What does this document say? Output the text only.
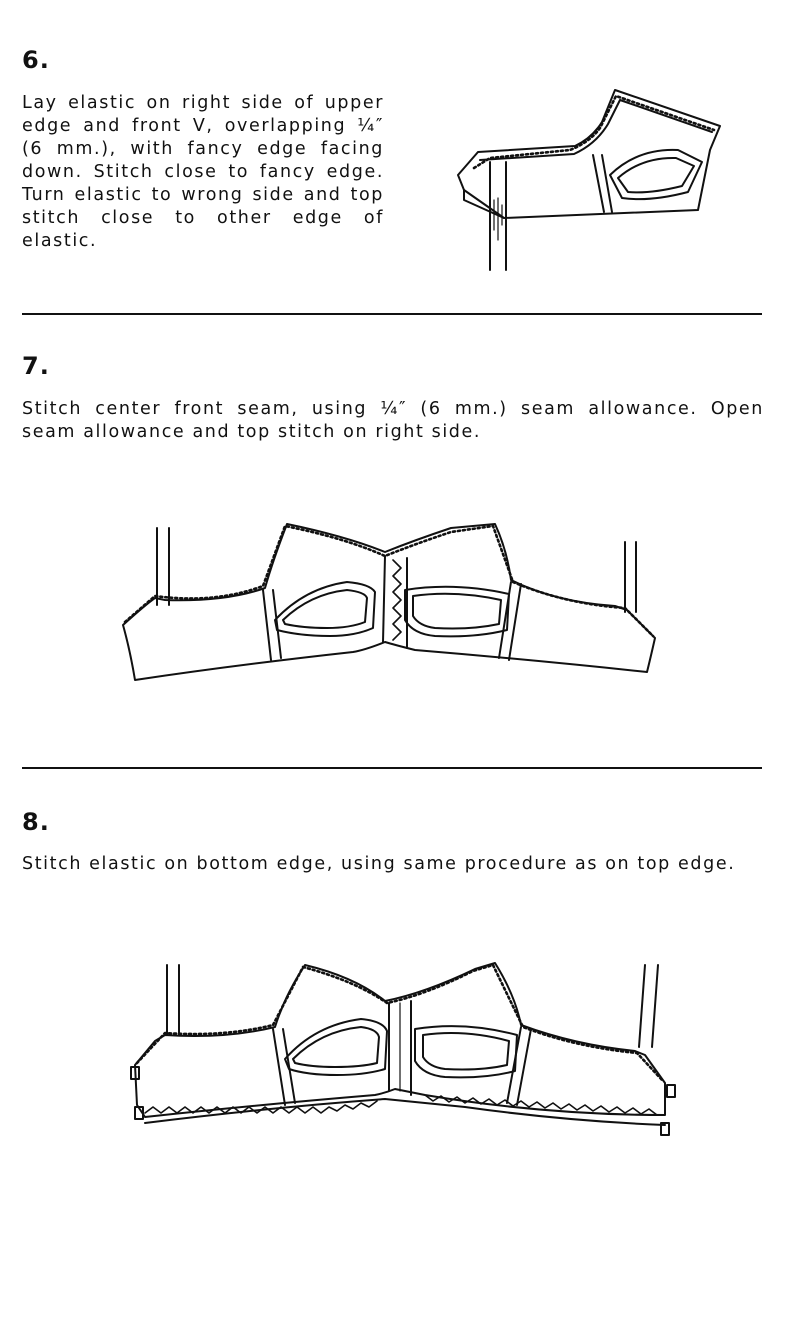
6.

Lay elastic on right side of upper edge and front V, overlapping ¼″ (6 mm.), with fancy edge facing down. Stitch close to fancy edge. Turn elastic to wrong side and top stitch close to other edge of elastic.

7.

Stitch center front seam, using ¼″ (6 mm.) seam allowance. Open seam allowance and top stitch on right side.

8.

Stitch elastic on bottom edge, using same procedure as on top edge.
